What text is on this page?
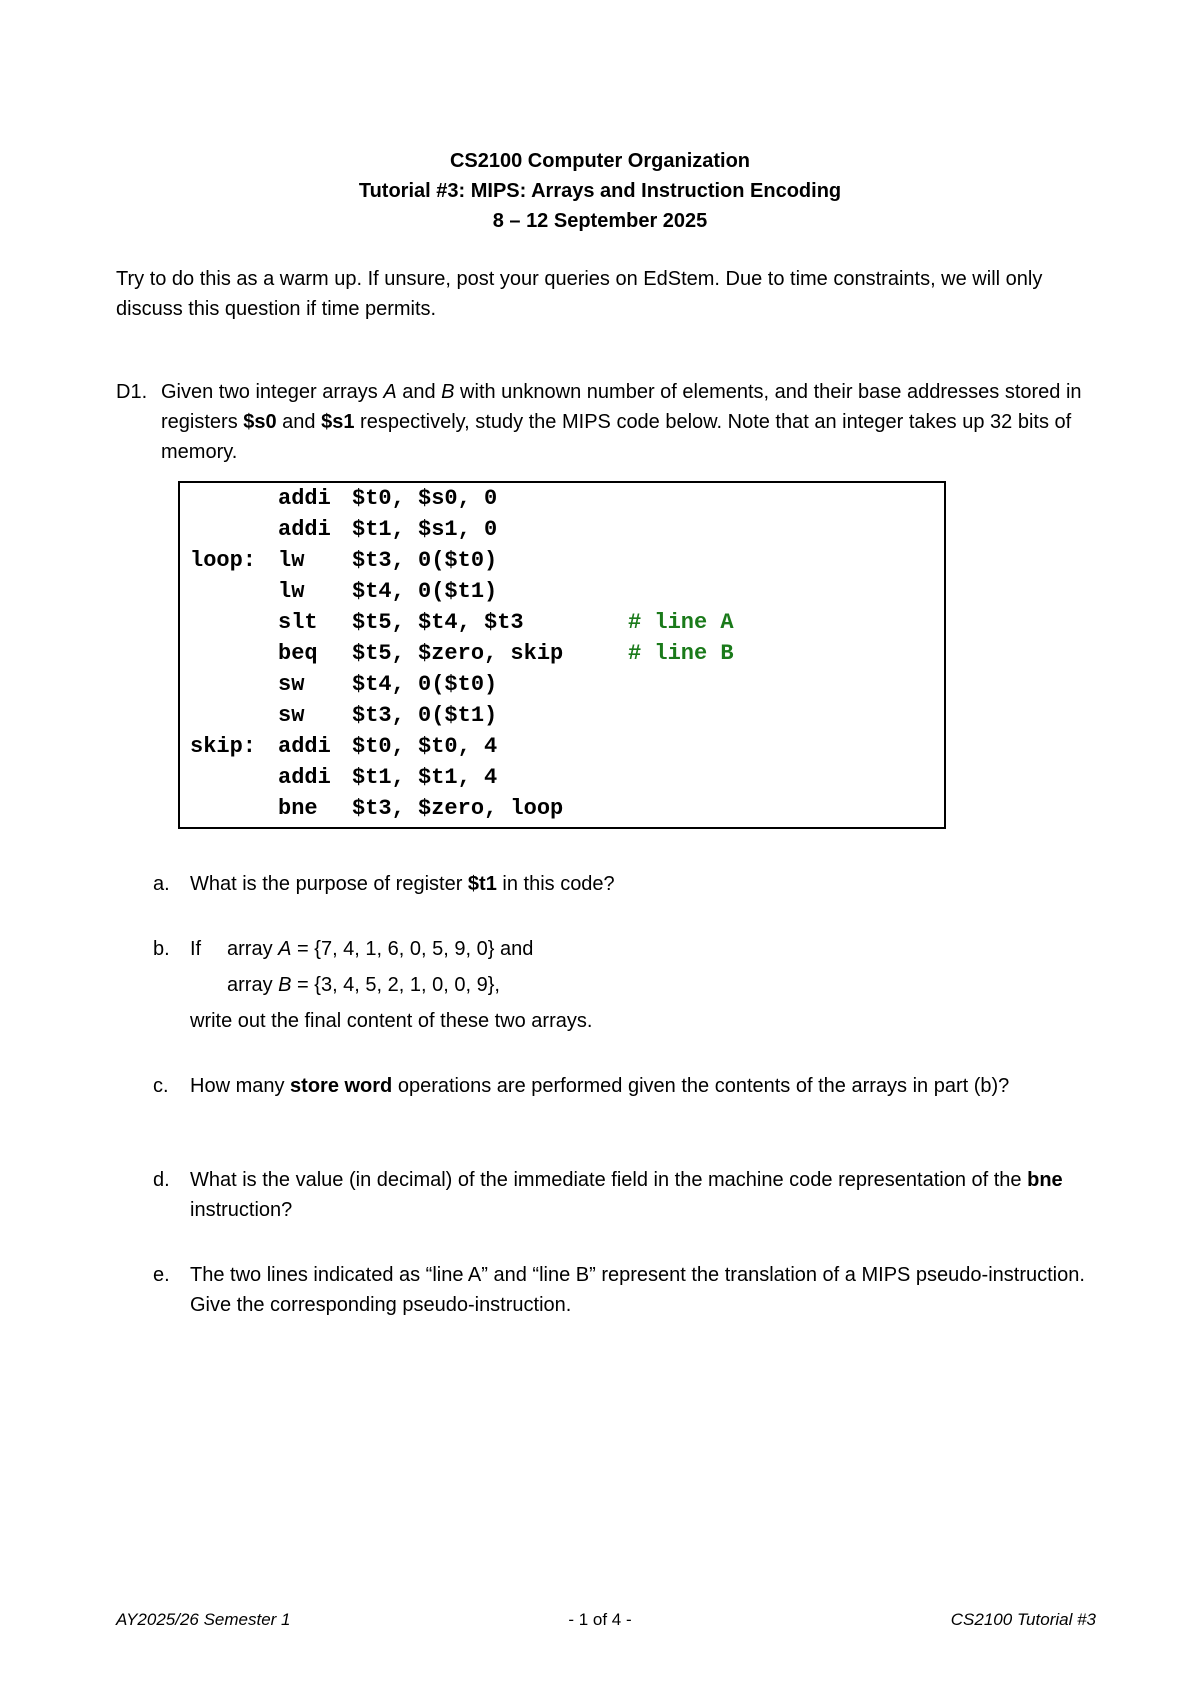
CS2100 Computer Organization
Tutorial #3: MIPS: Arrays and Instruction Encoding
8 – 12 September 2025
Try to do this as a warm up. If unsure, post your queries on EdStem. Due to time constraints, we will only discuss this question if time permits.
D1. Given two integer arrays A and B with unknown number of elements, and their base addresses stored in registers $s0 and $s1 respectively, study the MIPS code below. Note that an integer takes up 32 bits of memory.
addi $t0, $s0, 0
addi $t1, $s1, 0
loop: lw $t3, 0($t0)
lw $t4, 0($t1)
slt $t5, $t4, $t3	# line A
beq $t5, $zero, skip	# line B
sw $t4, 0($t0)
sw $t3, 0($t1)
skip: addi $t0, $t0, 4
addi $t1, $t1, 4
bne $t3, $zero, loop
a. What is the purpose of register $t1 in this code?
b. If	array A = {7, 4, 1, 6, 0, 5, 9, 0} and
array B = {3, 4, 5, 2, 1, 0, 0, 9},
write out the final content of these two arrays.
c. How many store word operations are performed given the contents of the arrays in part (b)?
d. What is the value (in decimal) of the immediate field in the machine code representation of the bne instruction?
e. The two lines indicated as “line A” and “line B” represent the translation of a MIPS pseudo-instruction. Give the corresponding pseudo-instruction.
AY2025/26 Semester 1	- 1 of 4 -	CS2100 Tutorial #3
